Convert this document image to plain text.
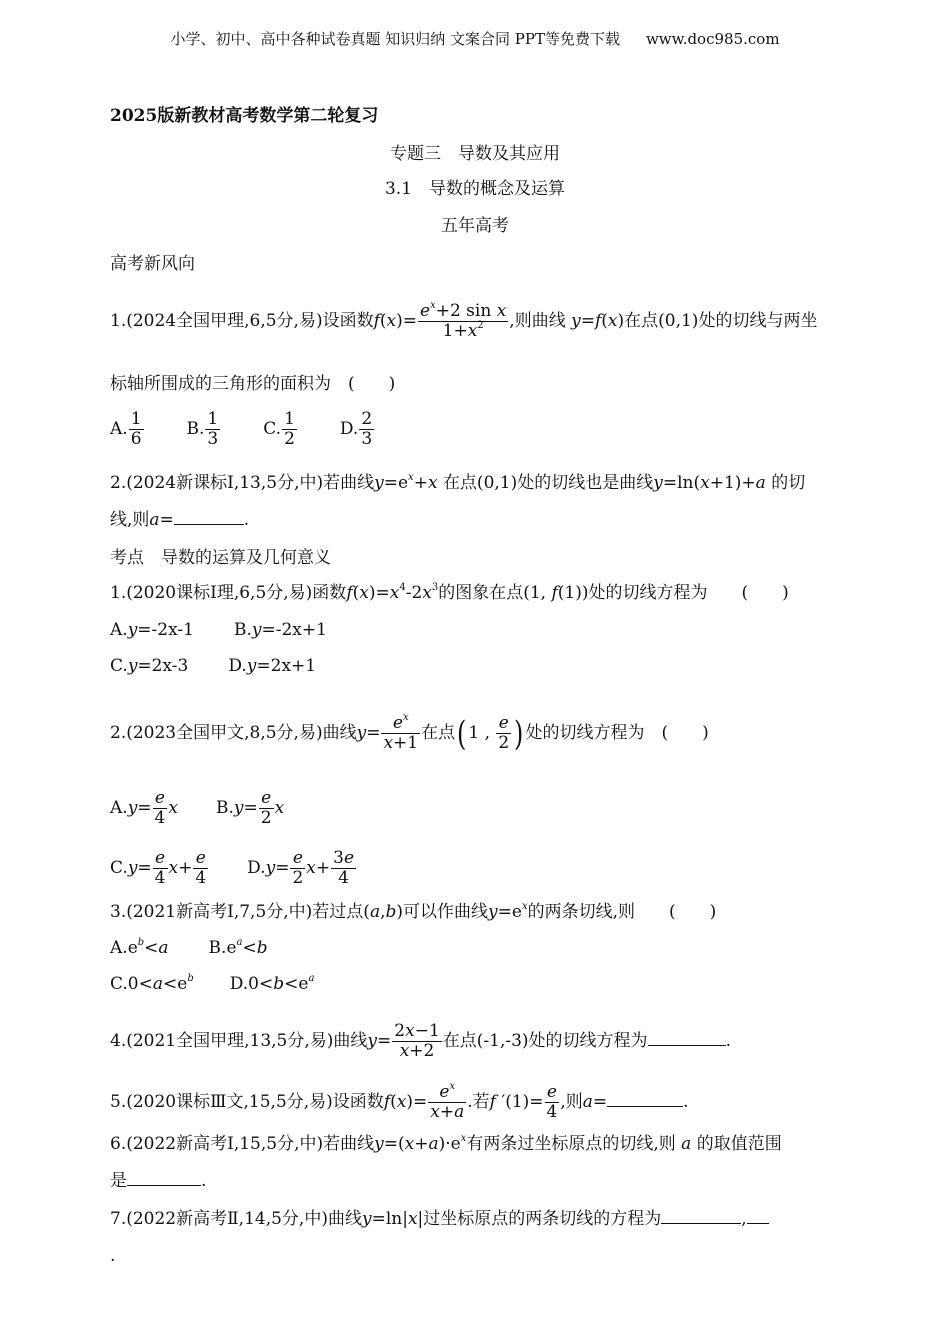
小学、初中、高中各种试卷真题 知识归纳 文案合同 PPT等免费下载 www.doc985.com
2025版新教材高考数学第二轮复习
专题三　导数及其应用
3.1　导数的概念及运算
五年高考
高考新风向
1.(2024全国甲理,6,5分,易)设函数$f(x)= \frac{e^x+2 \sin x}{1+x^2}$ ,则曲线 y=f(x)在点(0,1)处的切线与两坐
标轴所围成的三角形的面积为　(　　)
A. $\frac{1}{6}$	B. $\frac{1}{3}$	C. $\frac{1}{2}$	D. $\frac{2}{3}$
2.(2024新课标Ⅰ,13,5分,中)若曲线$y=e^x+x$ 在点(0,1)处的切线也是曲线y=ln(x+1)+a 的切
线,则a=	.
考点　导数的运算及几何意义
1.(2020课标Ⅰ理,6,5分,易)函数$f(x)=x^4-2x^3$的图象在点(1, f(1))处的切线方程为 (　　)
A.y=-2x-1 B.y=-2x+1
C.y=2x-3 D.y=2x+1
2.(2023全国甲文,8,5分,易)曲线$y= \frac{e^x}{x+1}$ 在点( 1 , $\frac{e}{2}$ ) 处的切线方程为　(　　)
$A.y= \frac{e}{4}$ x $B.y= \frac{e}{2}$ x
$C.y= \frac{e}{4} x+ \frac{e}{4} D.y= \frac{e}{2} x+ \frac{3e}{4}$
3.(2021新高考Ⅰ,7,5分,中)若过点(a,b)可以作曲线$y=e^x$的两条切线,则 (　　)
$A.e^b<a$ $B.e^a<b$
$C.0<a<e^b$ $D.0<b<e^a$
4.(2021全国甲理,13,5分,易)曲线$y= \frac{2x-1}{x+2}$ 在点(-1,-3)处的切线方程为	.
5.(2020课标Ⅲ文,15,5分,易)设函数$f(x)= \frac{e^x}{x+a}$ .若f $'(1)= \frac{e}{4}$ ,则a=	.
6.(2022新高考Ⅰ,15,5分,中)若曲线$y=(x+a)\cdot e^x$有两条过坐标原点的切线,则 a 的取值范围
是	.
7.(2022新高考Ⅱ,14,5分,中)曲线y=ln|x|过坐标原点的两条切线的方程为	,
.
